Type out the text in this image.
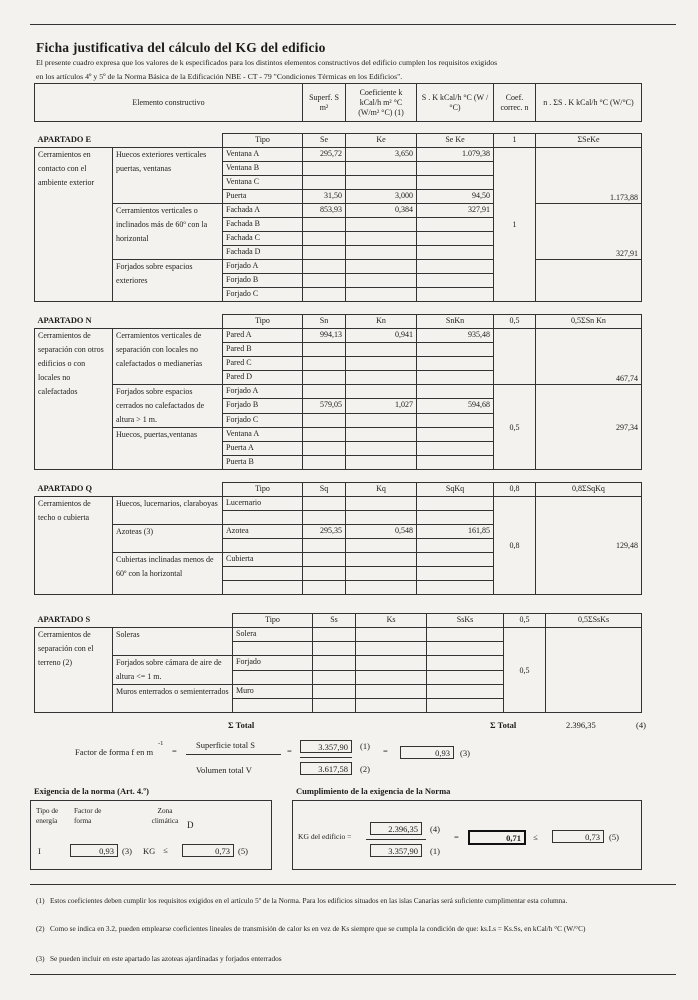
Ficha justificativa del cálculo del KG del edificio
El presente cuadro expresa que los valores de k especificados para los distintos elementos constructivos del edificio cumplen los requisitos exigidos
en los artículos 4º y 5º de la Norma Básica de la Edificación NBE - CT - 79 "Condiciones Térmicas en los Edificios".
Elemento constructivo	Superf. S m²	Coeficiente k kCal/h m² °C (W/m² °C) (1)	S . K kCal/h °C (W /°C)	Coef. correc. n	n . ΣS . K kCal/h °C (W/°C)
APARTADO E		Tipo	Se	Ke	Se Ke	1	ΣSeKe
Cerramientos en contacto con el ambiente exterior	Huecos exteriores verticales puertas, ventanas	Ventana A	295,72	3,650	1.079,38	1	1.173,88
		Ventana B					
		Ventana C					
		Puerta	31,50	3,000	94,50		
	Cerramientos verticales o inclinados más de 60º con la horizontal	Fachada A	853,93	0,384	327,91		327,91
		Fachada B					
		Fachada C					
		Fachada D					
	Forjados sobre espacios exteriores	Forjado A					
		Forjado B					
		Forjado C					
APARTADO N		Tipo	Sn	Kn	SnKn	0,5	0,5ΣSn Kn
Cerramientos de separación con otros edificios o con locales no calefactados	Cerramientos verticales de separación con locales no calefactados o medianerías	Pared A	994,13	0,941	935,48		467,74
		Pared B					
		Pared C					
		Pared D					
	Forjados sobre espacios cerrados no calefactados de altura > 1 m.	Forjado A				0,5	297,34
		Forjado B	579,05	1,027	594,68		
		Forjado C					
	Huecos, puertas,ventanas	Ventana A					
		Puerta A					
		Puerta B					
APARTADO Q		Tipo	Sq	Kq	SqKq	0,8	0,8ΣSqKq
Cerramientos de techo o cubierta	Huecos, lucernarios, claraboyas	Lucernario				0,8	129,48

	Azoteas (3)	Azotea	295,35	0,548	161,85		

	Cubiertas inclinadas menos de 60º con la horizontal	Cubierta					

APARTADO S		Tipo	Ss	Ks	SsKs	0,5	0,5ΣSsKs
Cerramientos de separación con el terreno (2)	Soleras	Solera				0,5	

	Forjados sobre cámara de aire de altura <= 1 m.	Forjado					

	Muros enterrados o semienterrados	Muro					

Σ Total	Σ Total	2.396,35	(4)
Factor de forma f en m
-1
=
Superficie total S
Volumen total V
=	3.357,90
3.617,58
(1)
(2)
=	0,93	(3)
Exigencia de la norma (Art. 4.º)
Tipo de energía
Factor de forma
Zona climática D
I	0,93 (3) KG ≤	0,73 (5)
Cumplimiento de la exigencia de la Norma
KG del edificio =
2.396,35
3.357,90
(4)
(1)
=	0,71	≤	0,73	(5)
(1) Estos coeficientes deben cumplir los requisitos exigidos en el artículo 5º de la Norma. Para los edificios situados en las islas Canarias será suficiente cumplimentar esta columna.
(2) Como se indica en 3.2, pueden emplearse coeficientes lineales de transmisión de calor ks en vez de Ks siempre que se cumpla la condición de que: ks.Ls = Ks.Ss, en kCal/h °C (W/°C)
(3) Se pueden incluir en este apartado las azoteas ajardinadas y forjados enterrados
